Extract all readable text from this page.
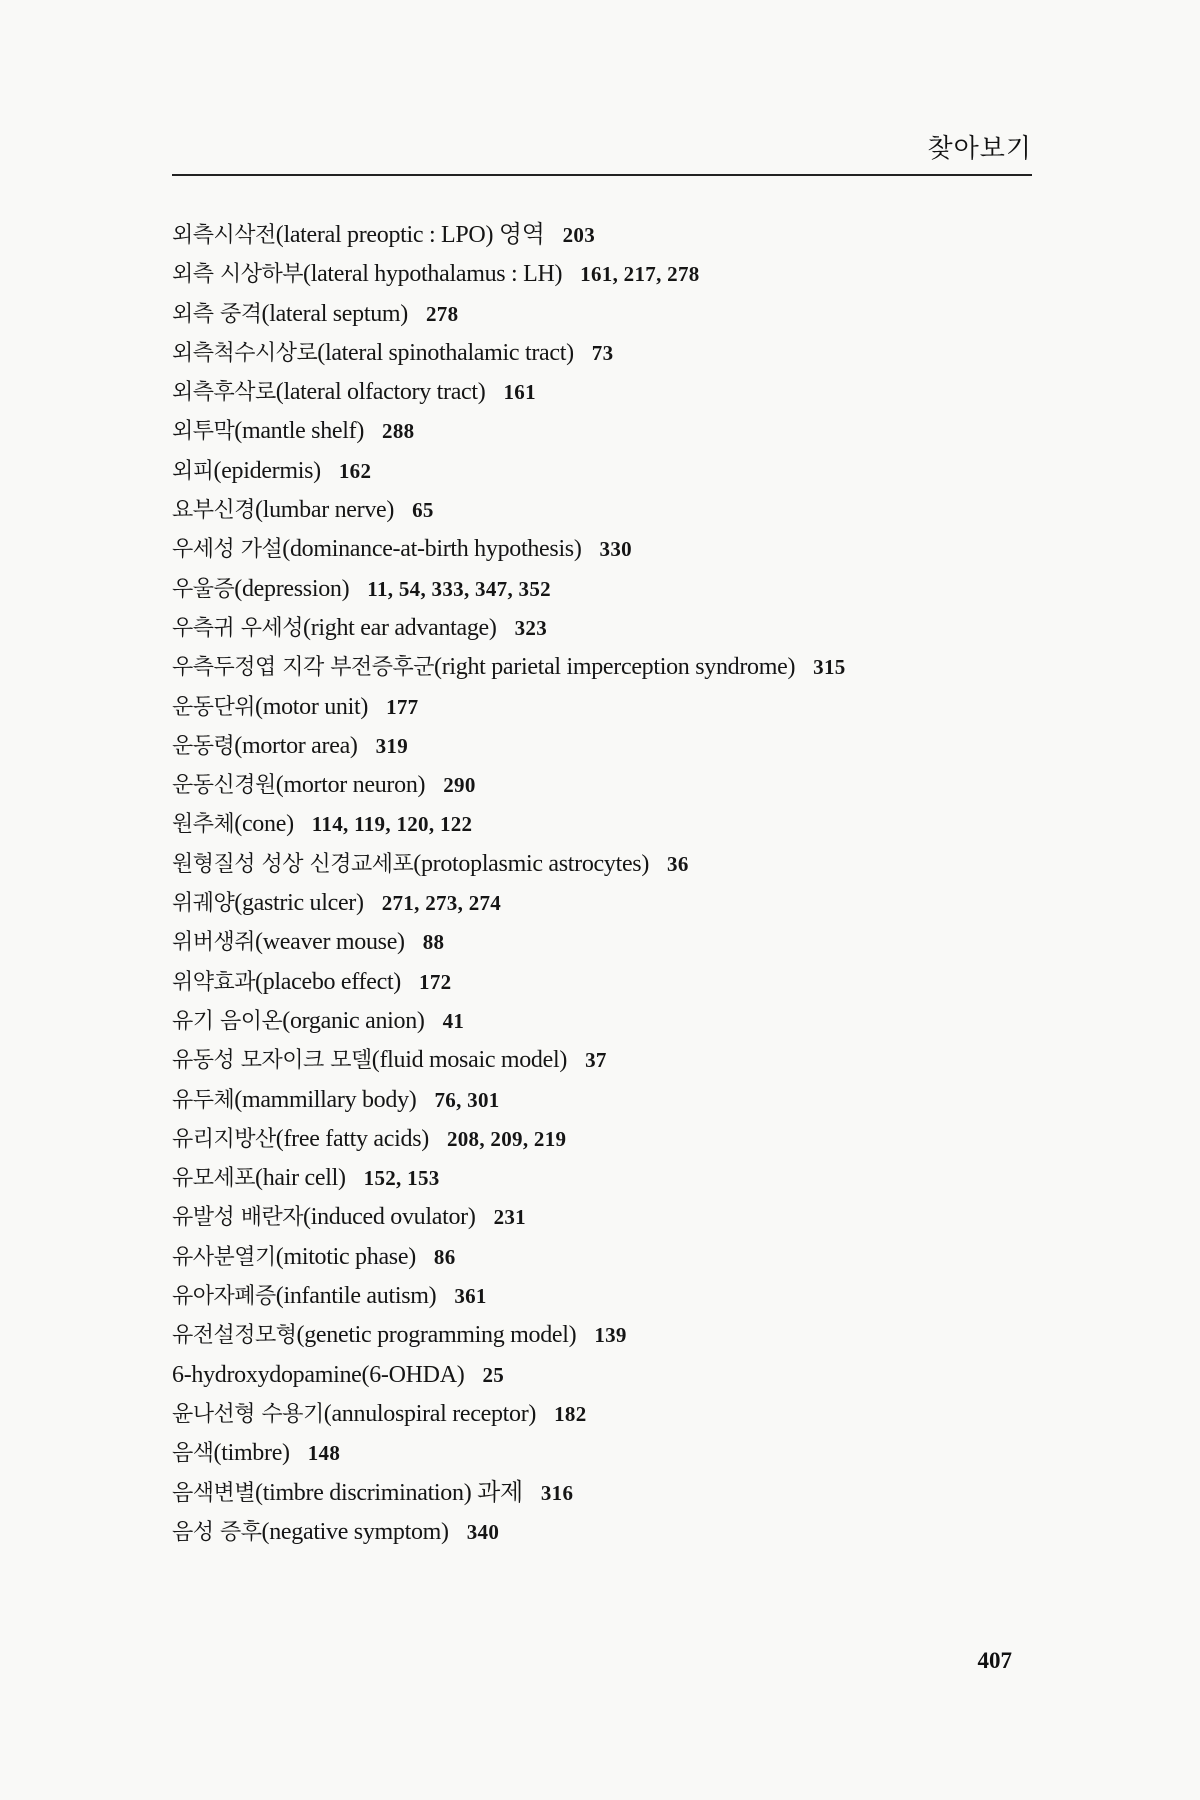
찾아보기
외측시삭전(lateral preoptic : LPO) 영역 203
외측 시상하부(lateral hypothalamus : LH) 161, 217, 278
외측 중격(lateral septum) 278
외측척수시상로(lateral spinothalamic tract) 73
외측후삭로(lateral olfactory tract) 161
외투막(mantle shelf) 288
외피(epidermis) 162
요부신경(lumbar nerve) 65
우세성 가설(dominance-at-birth hypothesis) 330
우울증(depression) 11, 54, 333, 347, 352
우측귀 우세성(right ear advantage) 323
우측두정엽 지각 부전증후군(right parietal imperception syndrome) 315
운동단위(motor unit) 177
운동령(mortor area) 319
운동신경원(mortor neuron) 290
원추체(cone) 114, 119, 120, 122
원형질성 성상 신경교세포(protoplasmic astrocytes) 36
위궤양(gastric ulcer) 271, 273, 274
위버생쥐(weaver mouse) 88
위약효과(placebo effect) 172
유기 음이온(organic anion) 41
유동성 모자이크 모델(fluid mosaic model) 37
유두체(mammillary body) 76, 301
유리지방산(free fatty acids) 208, 209, 219
유모세포(hair cell) 152, 153
유발성 배란자(induced ovulator) 231
유사분열기(mitotic phase) 86
유아자폐증(infantile autism) 361
유전설정모형(genetic programming model) 139
6-hydroxydopamine(6-OHDA) 25
윤나선형 수용기(annulospiral receptor) 182
음색(timbre) 148
음색변별(timbre discrimination) 과제 316
음성 증후(negative symptom) 340
407
